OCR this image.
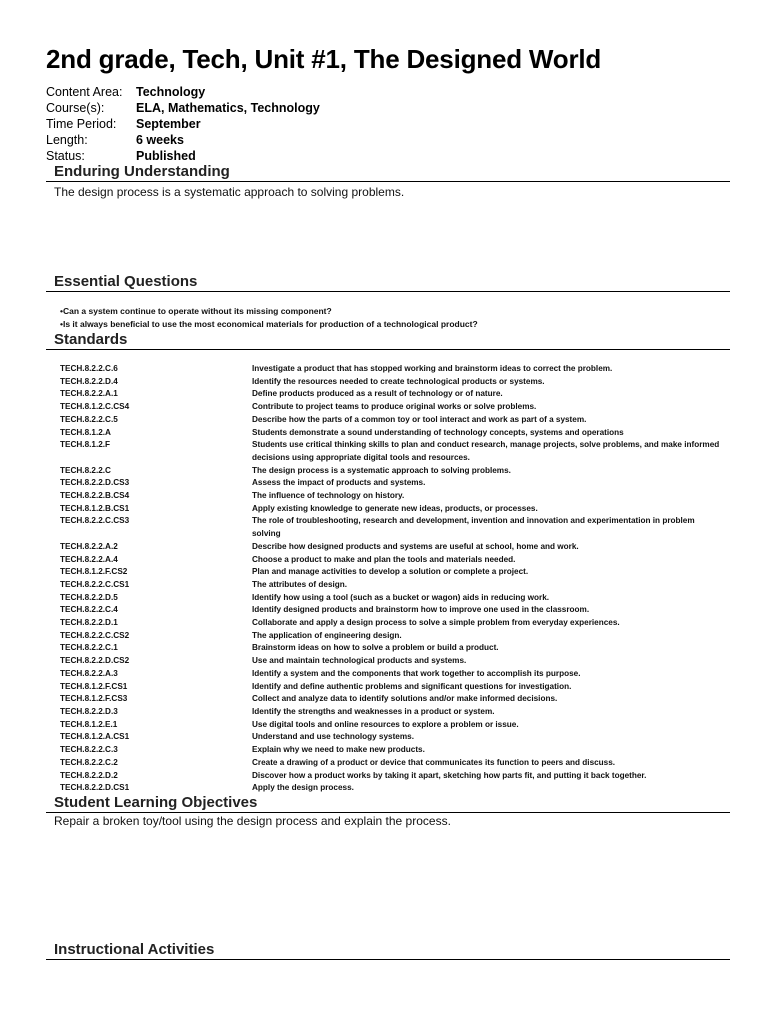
2nd grade, Tech, Unit #1, The Designed World
Content Area:	Technology
Course(s):	ELA, Mathematics, Technology
Time Period:	September
Length:	6 weeks
Status:	Published
Enduring Understanding
The design process is a systematic approach to solving problems.
Essential Questions
•Can a system continue to operate without its missing component?
•Is it always beneficial to use the most economical materials for production of a technological product?
Standards
TECH.8.2.2.C.6	Investigate a product that has stopped working and brainstorm ideas to correct the problem.
TECH.8.2.2.D.4	Identify the resources needed to create technological products or systems.
TECH.8.2.2.A.1	Define products produced as a result of technology or of nature.
TECH.8.1.2.C.CS4	Contribute to project teams to produce original works or solve problems.
TECH.8.2.2.C.5	Describe how the parts of a common toy or tool interact and work as part of a system.
TECH.8.1.2.A	Students demonstrate a sound understanding of technology concepts, systems and operations
TECH.8.1.2.F	Students use critical thinking skills to plan and conduct research, manage projects, solve problems, and make informed decisions using appropriate digital tools and resources.
TECH.8.2.2.C	The design process is a systematic approach to solving problems.
TECH.8.2.2.D.CS3	Assess the impact of products and systems.
TECH.8.2.2.B.CS4	The influence of technology on history.
TECH.8.1.2.B.CS1	Apply existing knowledge to generate new ideas, products, or processes.
TECH.8.2.2.C.CS3	The role of troubleshooting, research and development, invention and innovation and experimentation in problem solving
TECH.8.2.2.A.2	Describe how designed products and systems are useful at school, home and work.
TECH.8.2.2.A.4	Choose a product to make and plan the tools and materials needed.
TECH.8.1.2.F.CS2	Plan and manage activities to develop a solution or complete a project.
TECH.8.2.2.C.CS1	The attributes of design.
TECH.8.2.2.D.5	Identify how using a tool (such as a bucket or wagon) aids in reducing work.
TECH.8.2.2.C.4	Identify designed products and brainstorm how to improve one used in the classroom.
TECH.8.2.2.D.1	Collaborate and apply a design process to solve a simple problem from everyday experiences.
TECH.8.2.2.C.CS2	The application of engineering design.
TECH.8.2.2.C.1	Brainstorm ideas on how to solve a problem or build a product.
TECH.8.2.2.D.CS2	Use and maintain technological products and systems.
TECH.8.2.2.A.3	Identify a system and the components that work together to accomplish its purpose.
TECH.8.1.2.F.CS1	Identify and define authentic problems and significant questions for investigation.
TECH.8.1.2.F.CS3	Collect and analyze data to identify solutions and/or make informed decisions.
TECH.8.2.2.D.3	Identify the strengths and weaknesses in a product or system.
TECH.8.1.2.E.1	Use digital tools and online resources to explore a problem or issue.
TECH.8.1.2.A.CS1	Understand and use technology systems.
TECH.8.2.2.C.3	Explain why we need to make new products.
TECH.8.2.2.C.2	Create a drawing of a product or device that communicates its function to peers and discuss.
TECH.8.2.2.D.2	Discover how a product works by taking it apart, sketching how parts fit, and putting it back together.
TECH.8.2.2.D.CS1	Apply the design process.
Student Learning Objectives
Repair a broken toy/tool using the design process and explain the process.
Instructional Activities
